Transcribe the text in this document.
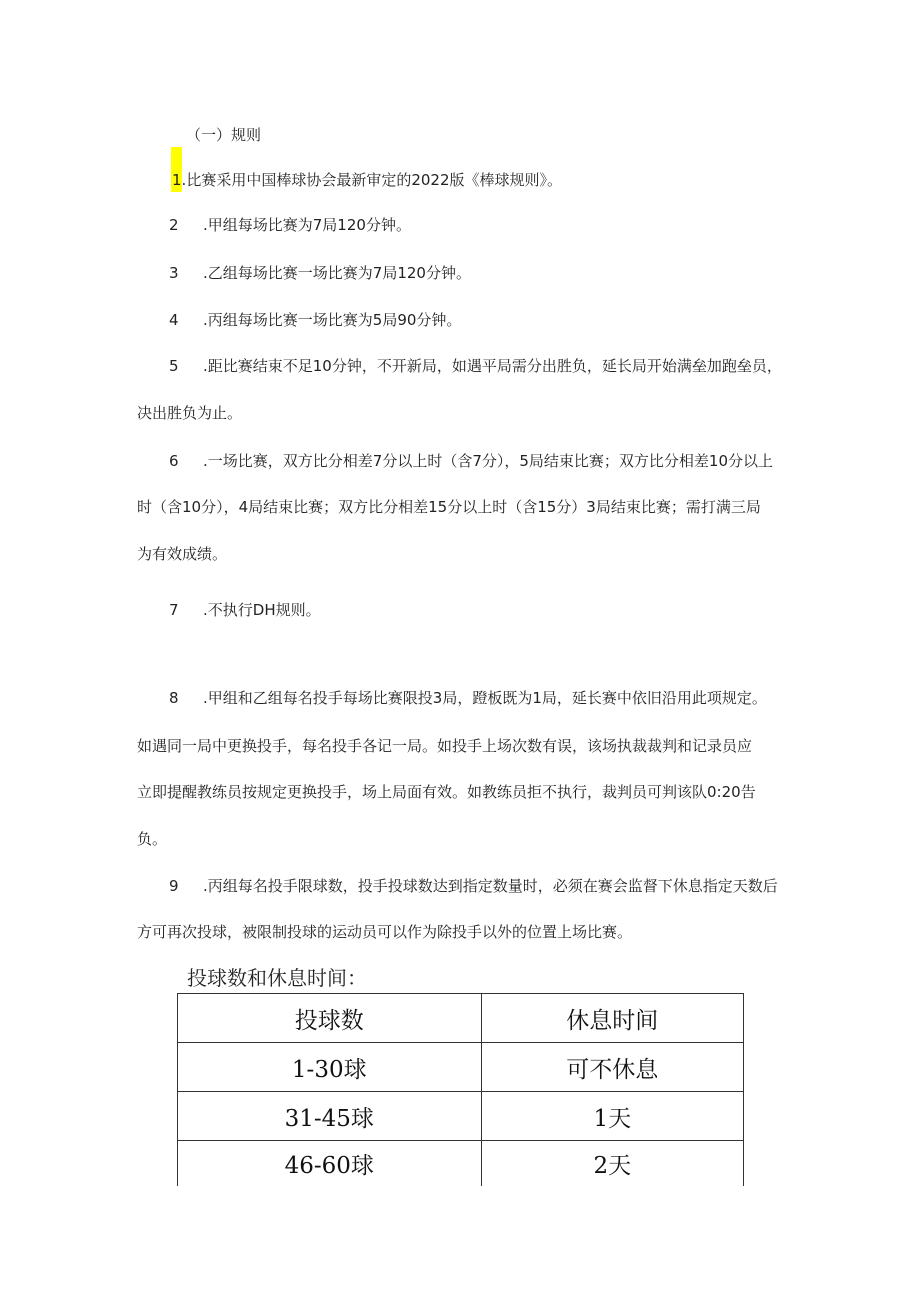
（一）规则
1.比赛采用中国棒球协会最新审定的2022版《棒球规则》。
2 .甲组每场比赛为7局120分钟。
3 .乙组每场比赛一场比赛为7局120分钟。
4 .丙组每场比赛一场比赛为5局90分钟。
5 .距比赛结束不足10分钟，不开新局，如遇平局需分出胜负，延长局开始满垒加跑垒员，
决出胜负为止。
6 .一场比赛，双方比分相差7分以上时（含7分），5局结束比赛；双方比分相差10分以上
时（含10分），4局结束比赛；双方比分相差15分以上时（含15分）3局结束比赛；需打满三局
为有效成绩。
7 .不执行DH规则。
8 .甲组和乙组每名投手每场比赛限投3局，蹬板既为1局，延长赛中依旧沿用此项规定。
如遇同一局中更换投手，每名投手各记一局。如投手上场次数有误，该场执裁裁判和记录员应
立即提醒教练员按规定更换投手，场上局面有效。如教练员拒不执行，裁判员可判该队0:20告
负。
9 .丙组每名投手限球数，投手投球数达到指定数量时，必须在赛会监督下休息指定天数后
方可再次投球，被限制投球的运动员可以作为除投手以外的位置上场比赛。
投球数和休息时间：
投球数	休息时间
1-30球	可不休息
31-45球	1天
46-60球	2天
